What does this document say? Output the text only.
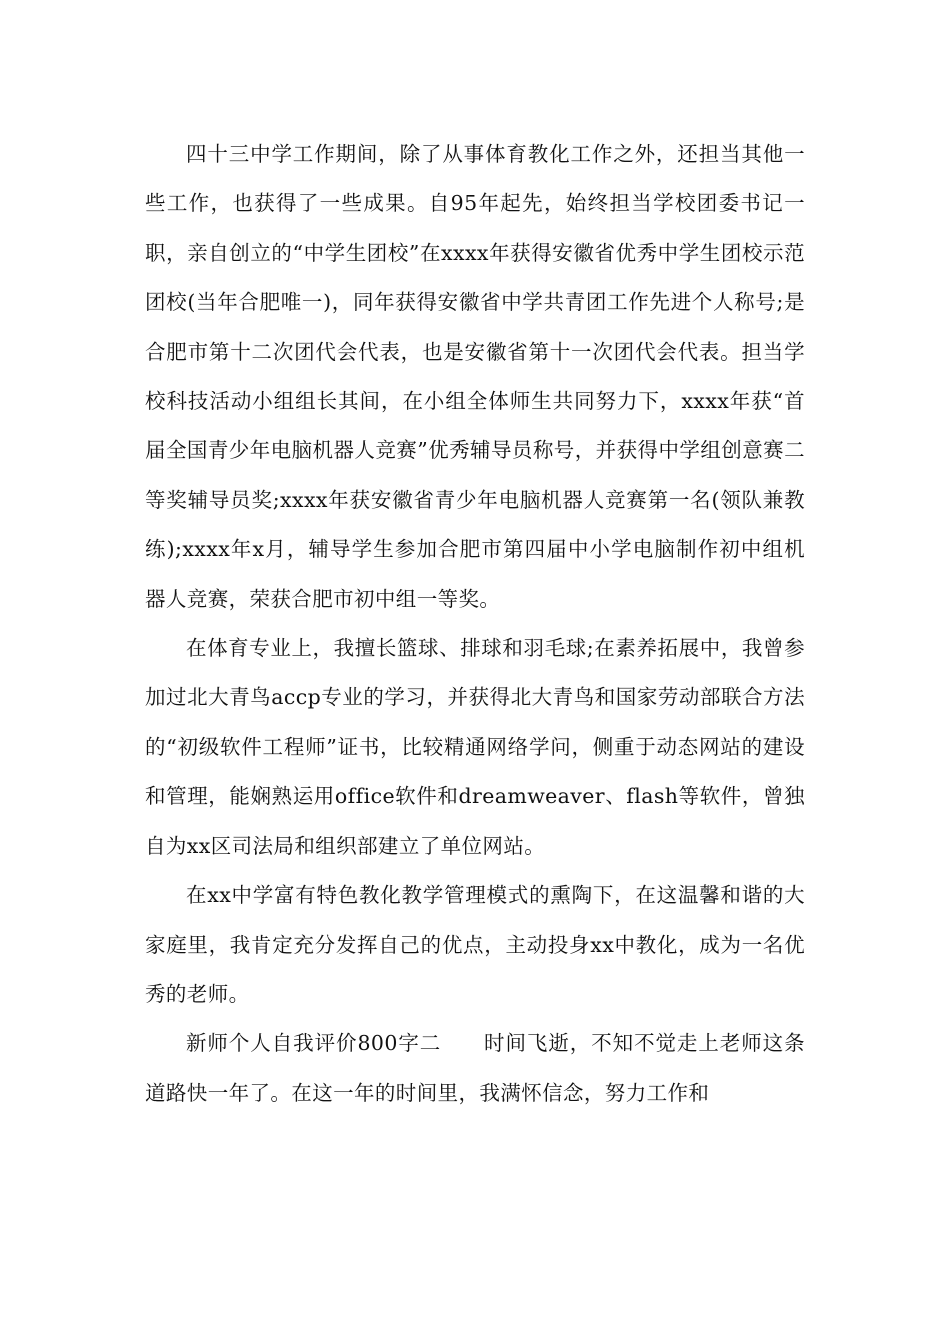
四十三中学工作期间，除了从事体育教化工作之外，还担当其他一些工作，也获得了一些成果。自95年起先，始终担当学校团委书记一职，亲自创立的“中学生团校”在xxxx年获得安徽省优秀中学生团校示范团校(当年合肥唯一)，同年获得安徽省中学共青团工作先进个人称号;是合肥市第十二次团代会代表，也是安徽省第十一次团代会代表。担当学校科技活动小组组长其间，在小组全体师生共同努力下，xxxx年获“首届全国青少年电脑机器人竞赛”优秀辅导员称号，并获得中学组创意赛二等奖辅导员奖;xxxx年获安徽省青少年电脑机器人竞赛第一名(领队兼教练);xxxx年x月，辅导学生参加合肥市第四届中小学电脑制作初中组机器人竞赛，荣获合肥市初中组一等奖。

在体育专业上，我擅长篮球、排球和羽毛球;在素养拓展中，我曾参加过北大青鸟accp专业的学习，并获得北大青鸟和国家劳动部联合方法的“初级软件工程师”证书，比较精通网络学问，侧重于动态网站的建设和管理，能娴熟运用office软件和dreamweaver、flash等软件，曾独自为xx区司法局和组织部建立了单位网站。

在xx中学富有特色教化教学管理模式的熏陶下，在这温馨和谐的大家庭里，我肯定充分发挥自己的优点，主动投身xx中教化，成为一名优秀的老师。

新师个人自我评价800字二　　时间飞逝，不知不觉走上老师这条道路快一年了。在这一年的时间里，我满怀信念，努力工作和
